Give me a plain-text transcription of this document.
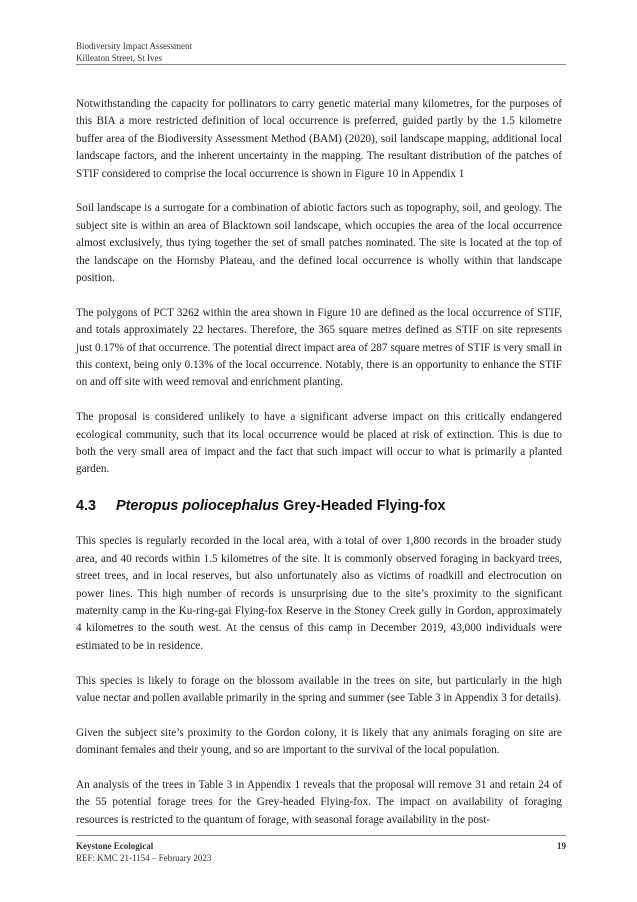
Biodiversity Impact Assessment
Killeaton Street, St Ives

Notwithstanding the capacity for pollinators to carry genetic material many kilometres, for the purposes of this BIA a more restricted definition of local occurrence is preferred, guided partly by the 1.5 kilometre buffer area of the Biodiversity Assessment Method (BAM) (2020), soil landscape mapping, additional local landscape factors, and the inherent uncertainty in the mapping. The resultant distribution of the patches of STIF considered to comprise the local occurrence is shown in Figure 10 in Appendix 1

Soil landscape is a surrogate for a combination of abiotic factors such as topography, soil, and geology. The subject site is within an area of Blacktown soil landscape, which occupies the area of the local occurrence almost exclusively, thus tying together the set of small patches nominated. The site is located at the top of the landscape on the Hornsby Plateau, and the defined local occurrence is wholly within that landscape position.

The polygons of PCT 3262 within the area shown in Figure 10 are defined as the local occurrence of STIF, and totals approximately 22 hectares. Therefore, the 365 square metres defined as STIF on site represents just 0.17% of that occurrence. The potential direct impact area of 287 square metres of STIF is very small in this context, being only 0.13% of the local occurrence. Notably, there is an opportunity to enhance the STIF on and off site with weed removal and enrichment planting.

The proposal is considered unlikely to have a significant adverse impact on this critically endangered ecological community, such that its local occurrence would be placed at risk of extinction. This is due to both the very small area of impact and the fact that such impact will occur to what is primarily a planted garden.

4.3 Pteropus poliocephalus Grey-Headed Flying-fox

This species is regularly recorded in the local area, with a total of over 1,800 records in the broader study area, and 40 records within 1.5 kilometres of the site. It is commonly observed foraging in backyard trees, street trees, and in local reserves, but also unfortunately also as victims of roadkill and electrocution on power lines. This high number of records is unsurprising due to the site’s proximity to the significant maternity camp in the Ku-ring-gai Flying-fox Reserve in the Stoney Creek gully in Gordon, approximately 4 kilometres to the south west. At the census of this camp in December 2019, 43,000 individuals were estimated to be in residence.

This species is likely to forage on the blossom available in the trees on site, but particularly in the high value nectar and pollen available primarily in the spring and summer (see Table 3 in Appendix 3 for details).

Given the subject site’s proximity to the Gordon colony, it is likely that any animals foraging on site are dominant females and their young, and so are important to the survival of the local population.

An analysis of the trees in Table 3 in Appendix 1 reveals that the proposal will remove 31 and retain 24 of the 55 potential forage trees for the Grey-headed Flying-fox. The impact on availability of foraging resources is restricted to the quantum of forage, with seasonal forage availability in the post-

Keystone Ecological
REF: KMC 21-1154 – February 2023
19
